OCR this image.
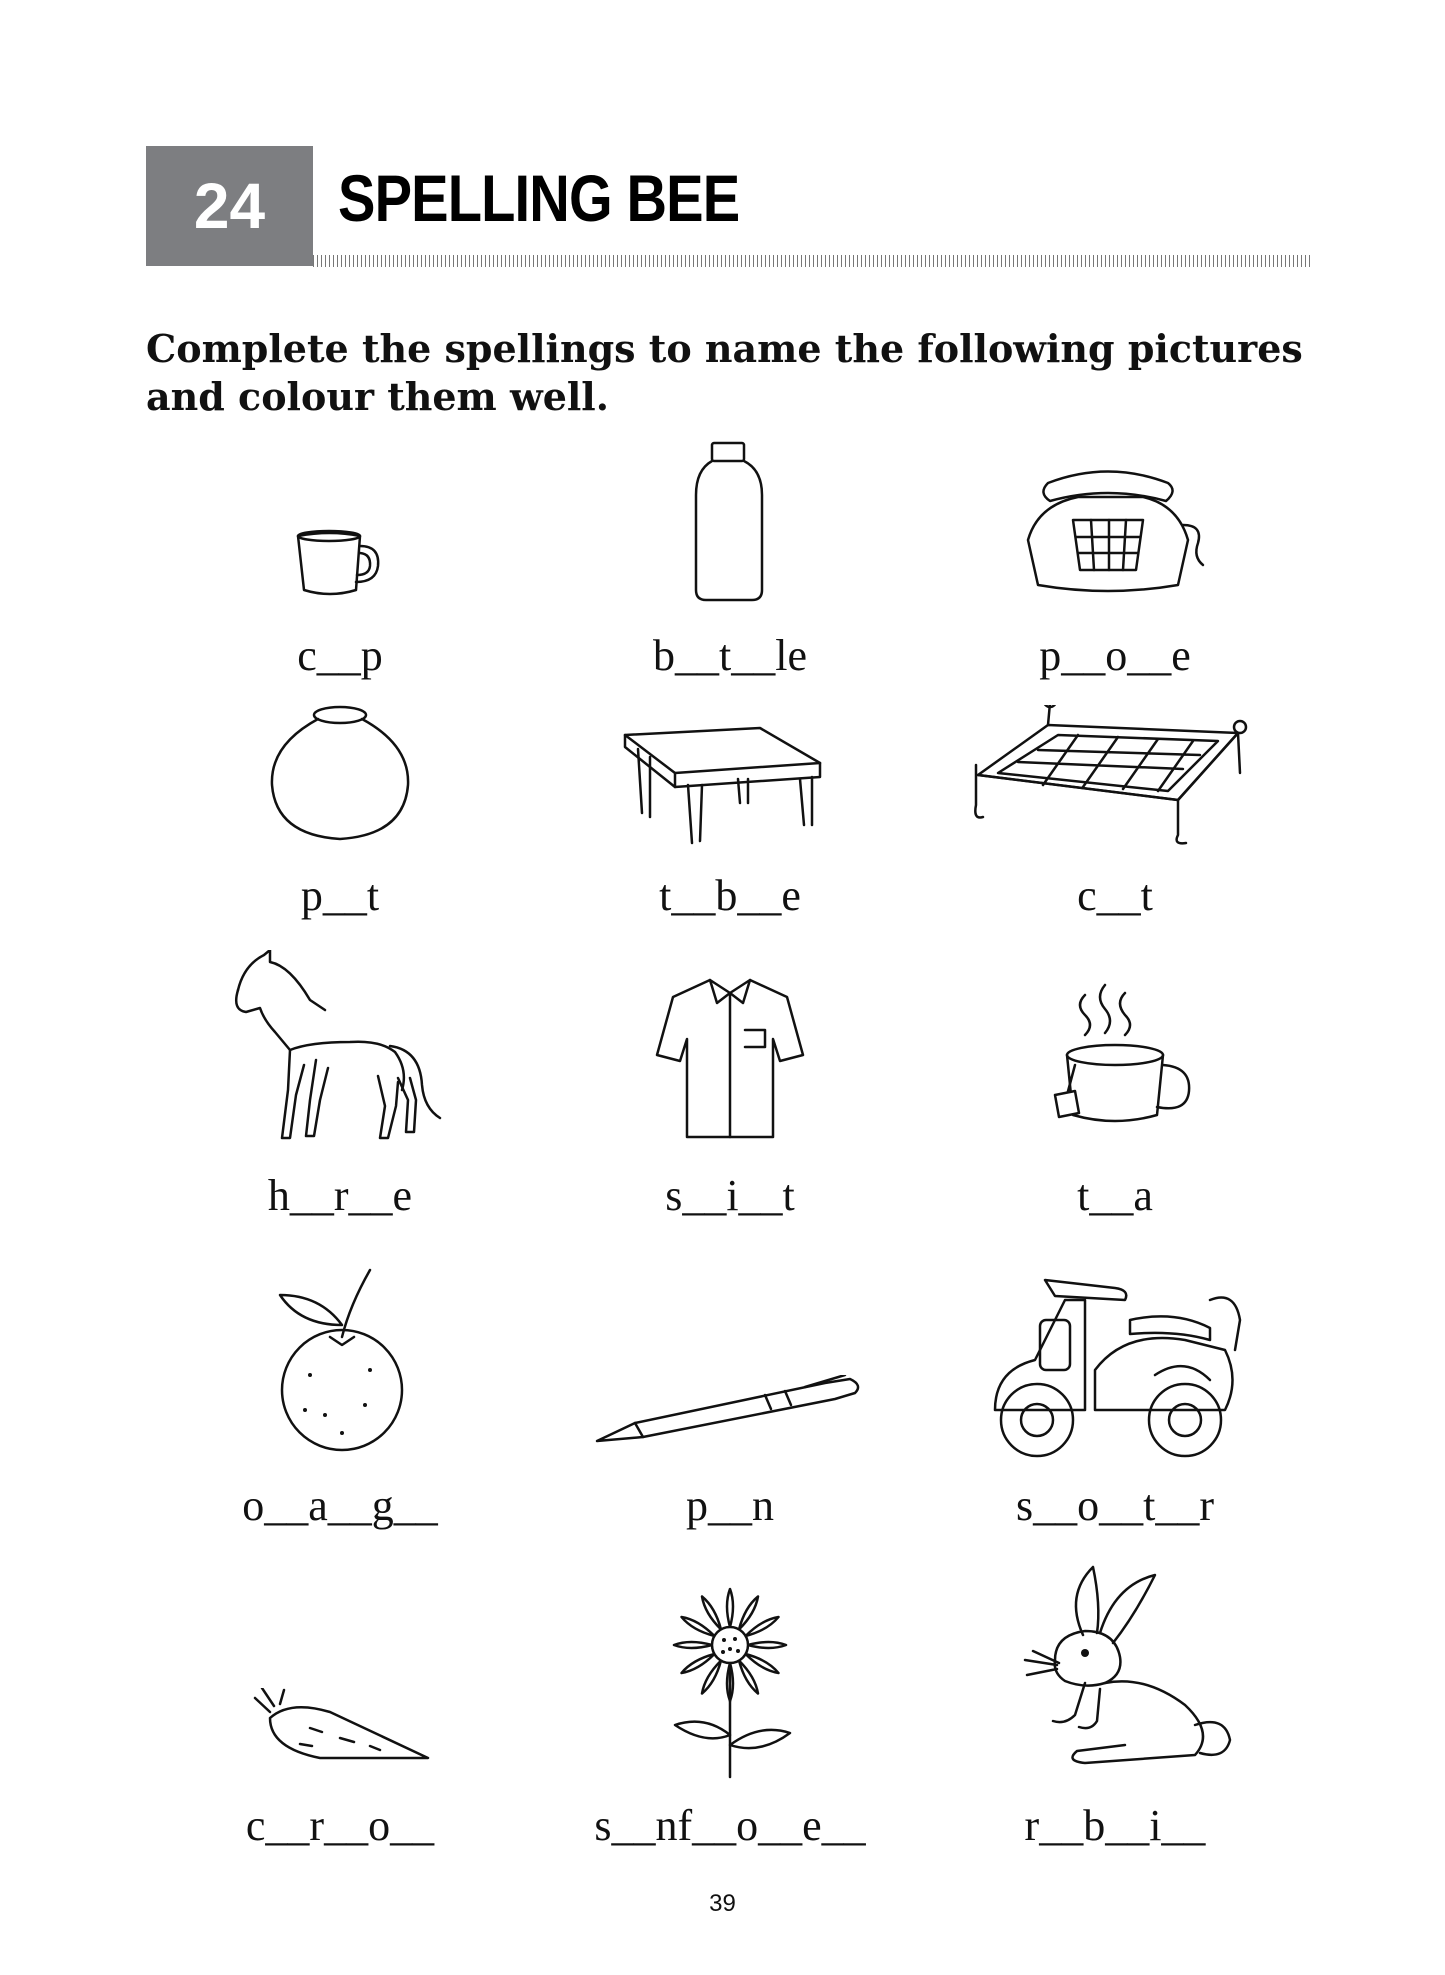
24	SPELLING BEE
Complete the spellings to name the following pictures and colour them well.
c__p	b__t__le	p__o__e
p__t	t__b__e	c__t
h__r__e	s__i__t	t__a
o__a__g__	p__n	s__o__t__r
c__r__o__	s__nf__o__e__	r__b__i__
39
